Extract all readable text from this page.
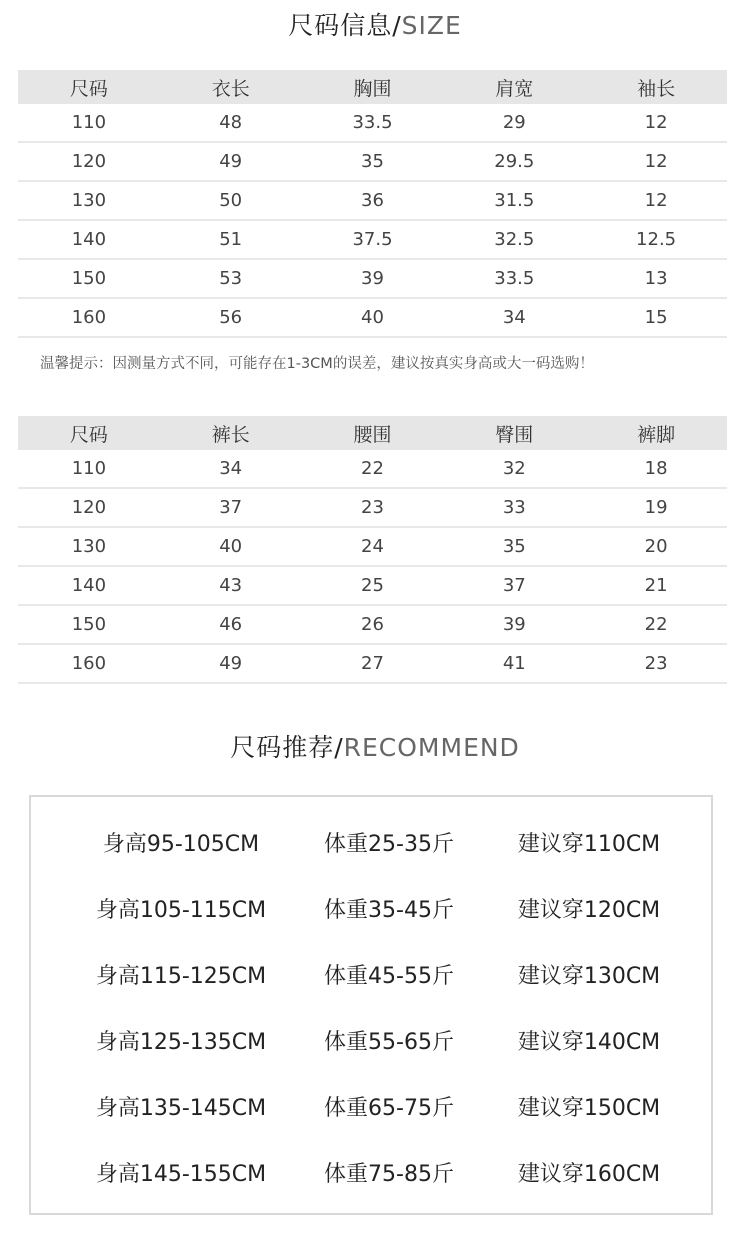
尺码信息/SIZE
尺码	衣长	胸围	肩宽	袖长
110	48	33.5	29	12
120	49	35	29.5	12
130	50	36	31.5	12
140	51	37.5	32.5	12.5
150	53	39	33.5	13
160	56	40	34	15
温馨提示：因测量方式不同，可能存在1-3CM的误差，建议按真实身高或大一码选购！
尺码	裤长	腰围	臀围	裤脚
110	34	22	32	18
120	37	23	33	19
130	40	24	35	20
140	43	25	37	21
150	46	26	39	22
160	49	27	41	23
尺码推荐/RECOMMEND
身高95-105CM	体重25-35斤	建议穿110CM
身高105-115CM	体重35-45斤	建议穿120CM
身高115-125CM	体重45-55斤	建议穿130CM
身高125-135CM	体重55-65斤	建议穿140CM
身高135-145CM	体重65-75斤	建议穿150CM
身高145-155CM	体重75-85斤	建议穿160CM
